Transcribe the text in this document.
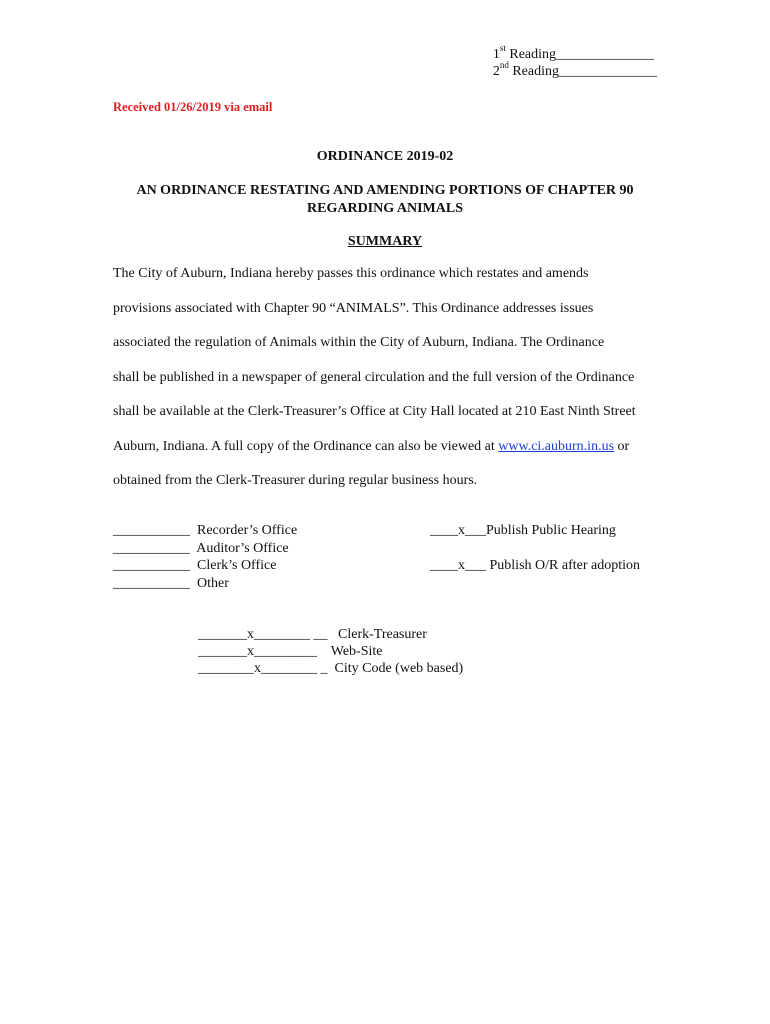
1st Reading______________
2nd Reading______________
Received 01/26/2019 via email
ORDINANCE 2019-02
AN ORDINANCE RESTATING AND AMENDING PORTIONS OF CHAPTER 90
REGARDING ANIMALS
SUMMARY

The City of Auburn, Indiana hereby passes this ordinance which restates and amends

provisions associated with Chapter 90 “ANIMALS”. This Ordinance addresses issues

associated the regulation of Animals within the City of Auburn, Indiana. The Ordinance

shall be published in a newspaper of general circulation and the full version of the Ordinance

shall be available at the Clerk-Treasurer’s Office at City Hall located at 210 East Ninth Street

Auburn, Indiana. A full copy of the Ordinance can also be viewed at www.ci.auburn.in.us or

obtained from the Clerk-Treasurer during regular business hours.

___________ Recorder’s Office
___________ Auditor’s Office
___________ Clerk’s Office
___________ Other
____x___Publish Public Hearing
____x___ Publish O/R after adoption
_______x________ __ Clerk-Treasurer
_______x_________ Web-Site
________x________ _ City Code (web based)
